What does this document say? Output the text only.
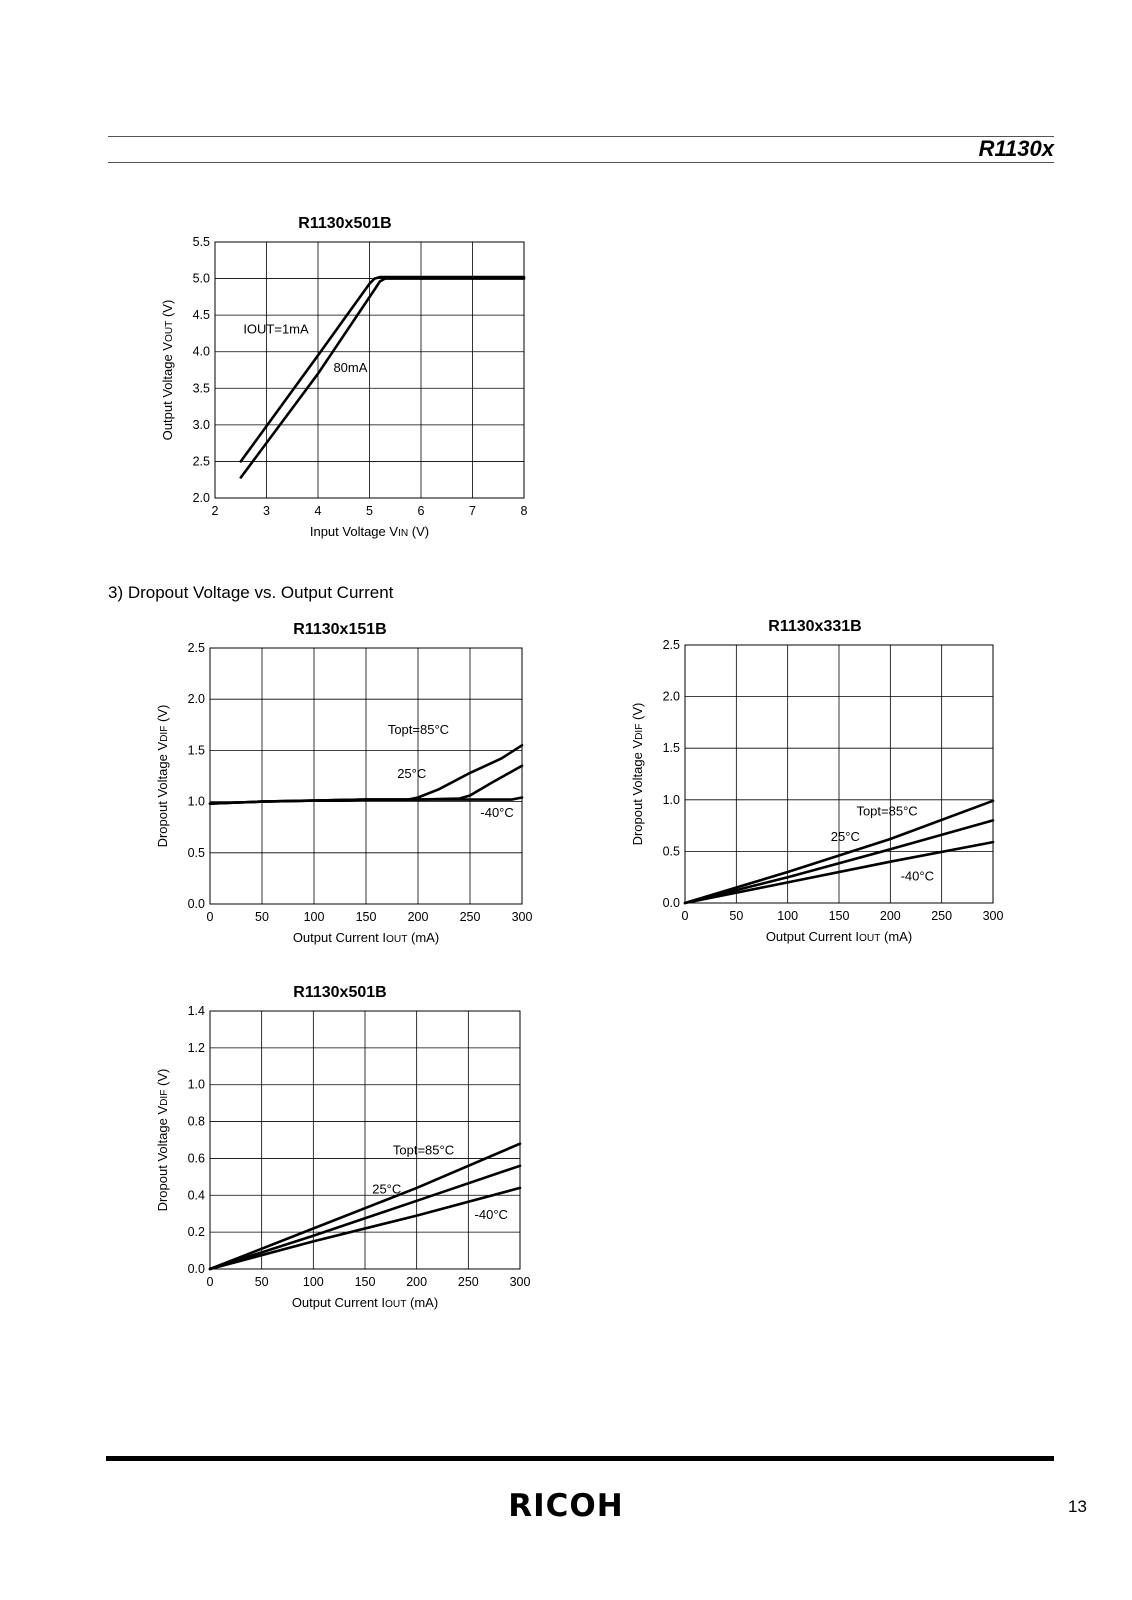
R1130x
R1130x501B
2	3	4	5	6	7	8
2.0
2.5
3.0
3.5
4.0
4.5
5.0
5.5
Input Voltage VIN (V)
Output Voltage VOUT (V)
IOUT=1mA
80mA
3) Dropout Voltage vs. Output Current
R1130x151B
0	50	100 150 200 250 300
0.0
0.5
1.0
1.5
2.0
2.5
Output Current IOUT (mA)
Dropout Voltage VDIF (V)
Topt=85°C
25°C
-40°C
R1130x331B
0	50	100 150 200 250 300
0.0
0.5
1.0
1.5
2.0
2.5
Output Current IOUT (mA)
Dropout Voltage VDIF (V)
Topt=85°C
25°C
-40°C
R1130x501B
0	50	100 150 200 250 300
0.0
0.2
0.4
0.6
0.8
1.0
1.2
1.4
Output Current IOUT (mA)
Dropout Voltage VDIF (V)
Topt=85°C
25°C
-40°C
RICOH	13
